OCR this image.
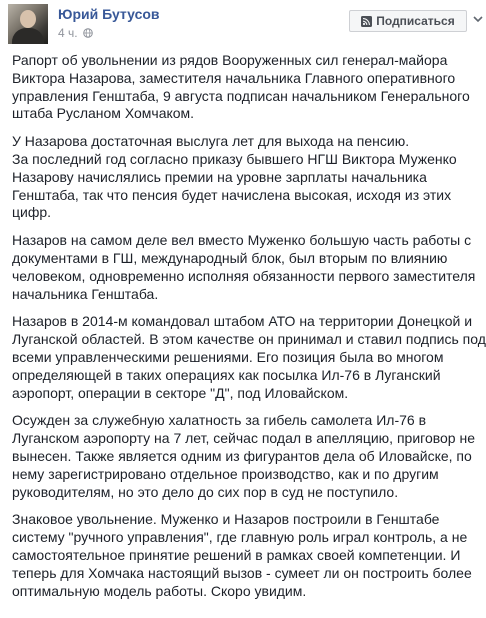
Юрий Бутусов
4 ч.
Подписаться

Рапорт об увольнении из рядов Вооруженных сил генерал-майора
Виктора Назарова, заместителя начальника Главного оперативного
управления Генштаба, 9 августа подписан начальником Генерального
штаба Русланом Хомчаком.

У Назарова достаточная выслуга лет для выхода на пенсию.
За последний год согласно приказу бывшего НГШ Виктора Муженко
Назарову начислялись премии на уровне зарплаты начальника
Генштаба, так что пенсия будет начислена высокая, исходя из этих
цифр.

Назаров на самом деле вел вместо Муженко большую часть работы с
документами в ГШ, международный блок, был вторым по влиянию
человеком, одновременно исполняя обязанности первого заместителя
начальника Генштаба.

Назаров в 2014-м командовал штабом АТО на территории Донецкой и
Луганской областей. В этом качестве он принимал и ставил подпись под
всеми управленческими решениями. Его позиция была во многом
определяющей в таких операциях как посылка Ил-76 в Луганский
аэропорт, операции в секторе "Д", под Иловайском.

Осужден за служебную халатность за гибель самолета Ил-76 в
Луганском аэропорту на 7 лет, сейчас подал в апелляцию, приговор не
вынесен. Также является одним из фигурантов дела об Иловайске, по
нему зарегистрировано отдельное производство, как и по другим
руководителям, но это дело до сих пор в суд не поступило.

Знаковое увольнение. Муженко и Назаров построили в Генштабе
систему "ручного управления", где главную роль играл контроль, а не
самостоятельное принятие решений в рамках своей компетенции. И
теперь для Хомчака настоящий вызов - сумеет ли он построить более
оптимальную модель работы. Скоро увидим.
